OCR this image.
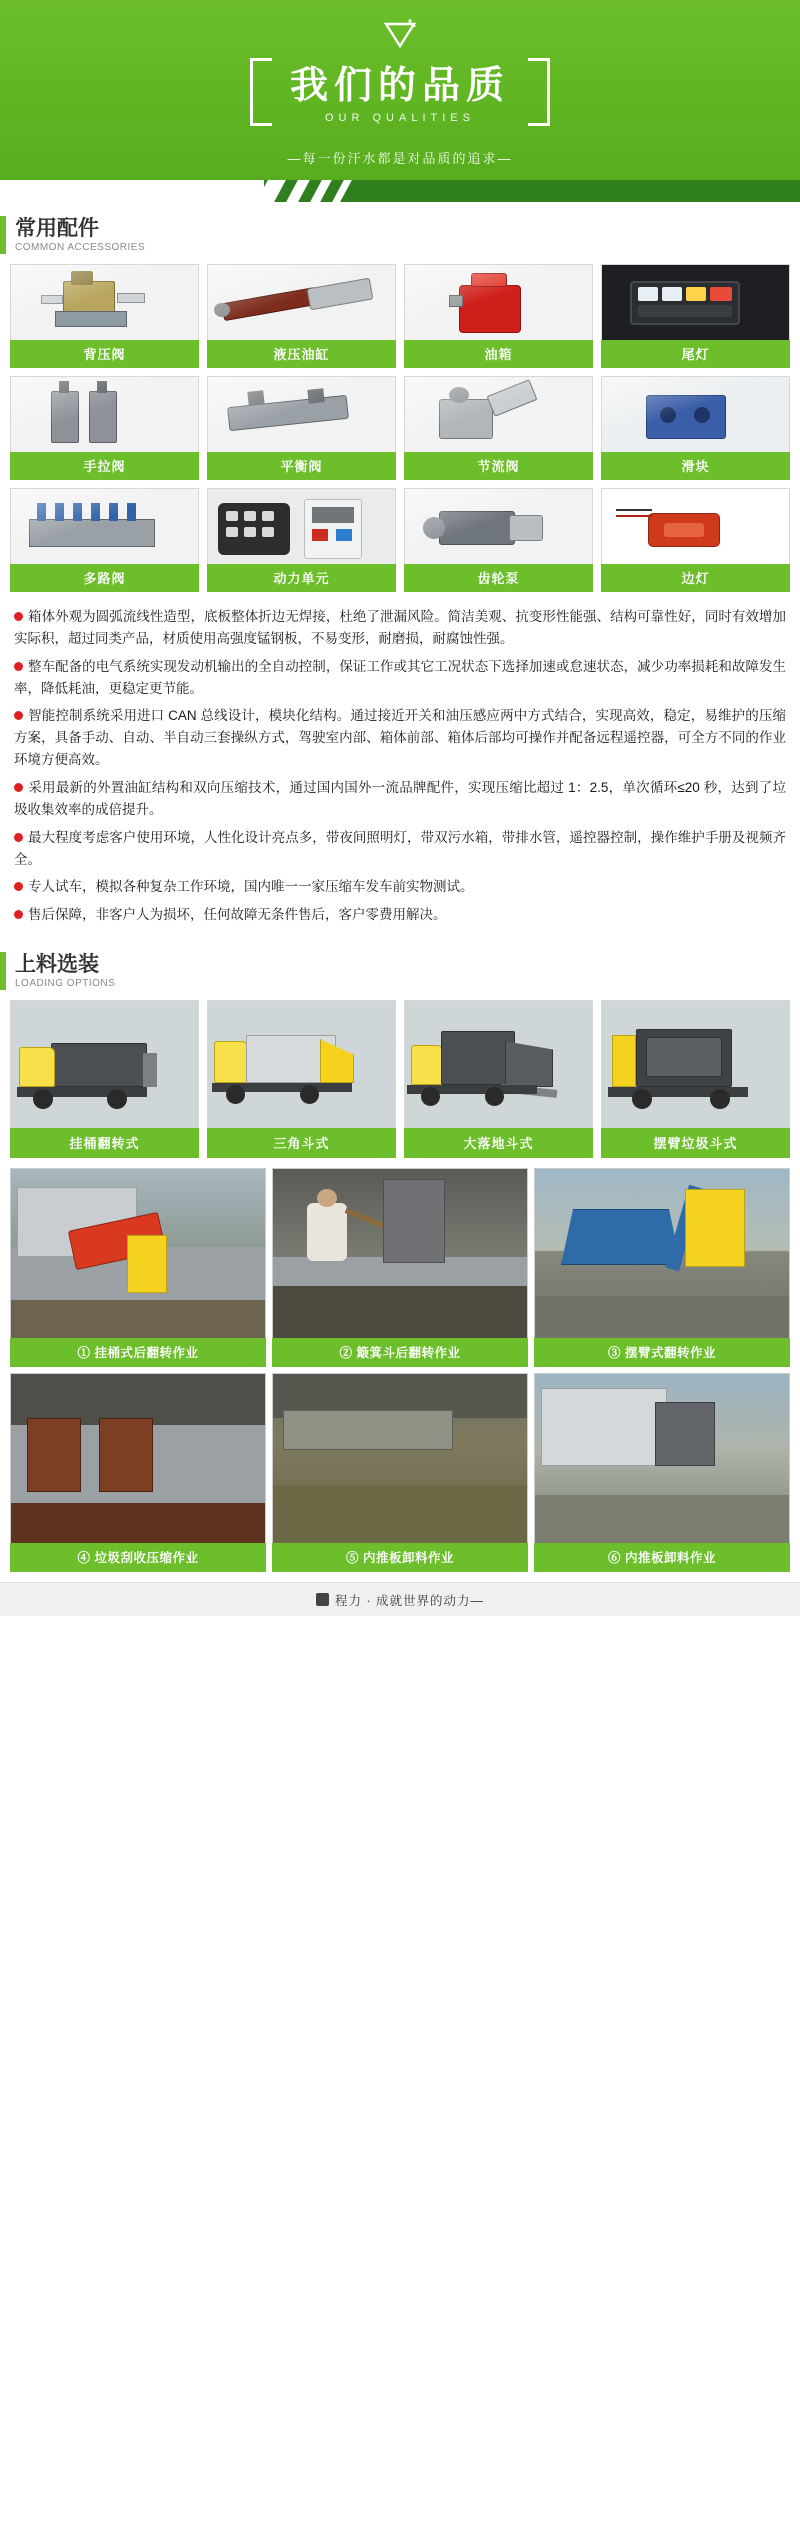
我们的品质
OUR QUALITIES
—每一份汗水都是对品质的追求—
常用配件
COMMON ACCESSORIES
背压阀	液压油缸	油箱	尾灯
手拉阀	平衡阀	节流阀	滑块
多路阀	动力单元	齿轮泵	边灯

箱体外观为圆弧流线性造型，底板整体折边无焊接，杜绝了泄漏风险。简洁美观、抗变形性能强、结构可靠性好，同时有效增加实际积，超过同类产品，材质使用高强度锰钢板，不易变形，耐磨损，耐腐蚀性强。

整车配备的电气系统实现发动机输出的全自动控制，保证工作或其它工况状态下选择加速或怠速状态，减少功率损耗和故障发生率，降低耗油，更稳定更节能。

智能控制系统采用进口 CAN 总线设计，模块化结构。通过接近开关和油压感应两中方式结合，实现高效，稳定，易维护的压缩方案，具备手动、自动、半自动三套操纵方式，驾驶室内部、箱体前部、箱体后部均可操作并配备远程遥控器，可全方不同的作业环境方便高效。

采用最新的外置油缸结构和双向压缩技术，通过国内国外一流品牌配件，实现压缩比超过 1：2.5，单次循环≤20 秒，达到了垃圾收集效率的成倍提升。

最大程度考虑客户使用环境，人性化设计亮点多，带夜间照明灯，带双污水箱，带排水管，遥控器控制，操作维护手册及视频齐全。

专人试车，模拟各种复杂工作环境，国内唯一一家压缩车发车前实物测试。

售后保障，非客户人为损坏，任何故障无条件售后，客户零费用解决。

上料选装
LOADING OPTIONS
挂桶翻转式	三角斗式	大落地斗式	摆臂垃圾斗式
① 挂桶式后翻转作业	② 簸箕斗后翻转作业	③ 摆臂式翻转作业
④ 垃圾刮收压缩作业	⑤ 内推板卸料作业	⑥ 内推板卸料作业
程力 · 成就世界的动力—
